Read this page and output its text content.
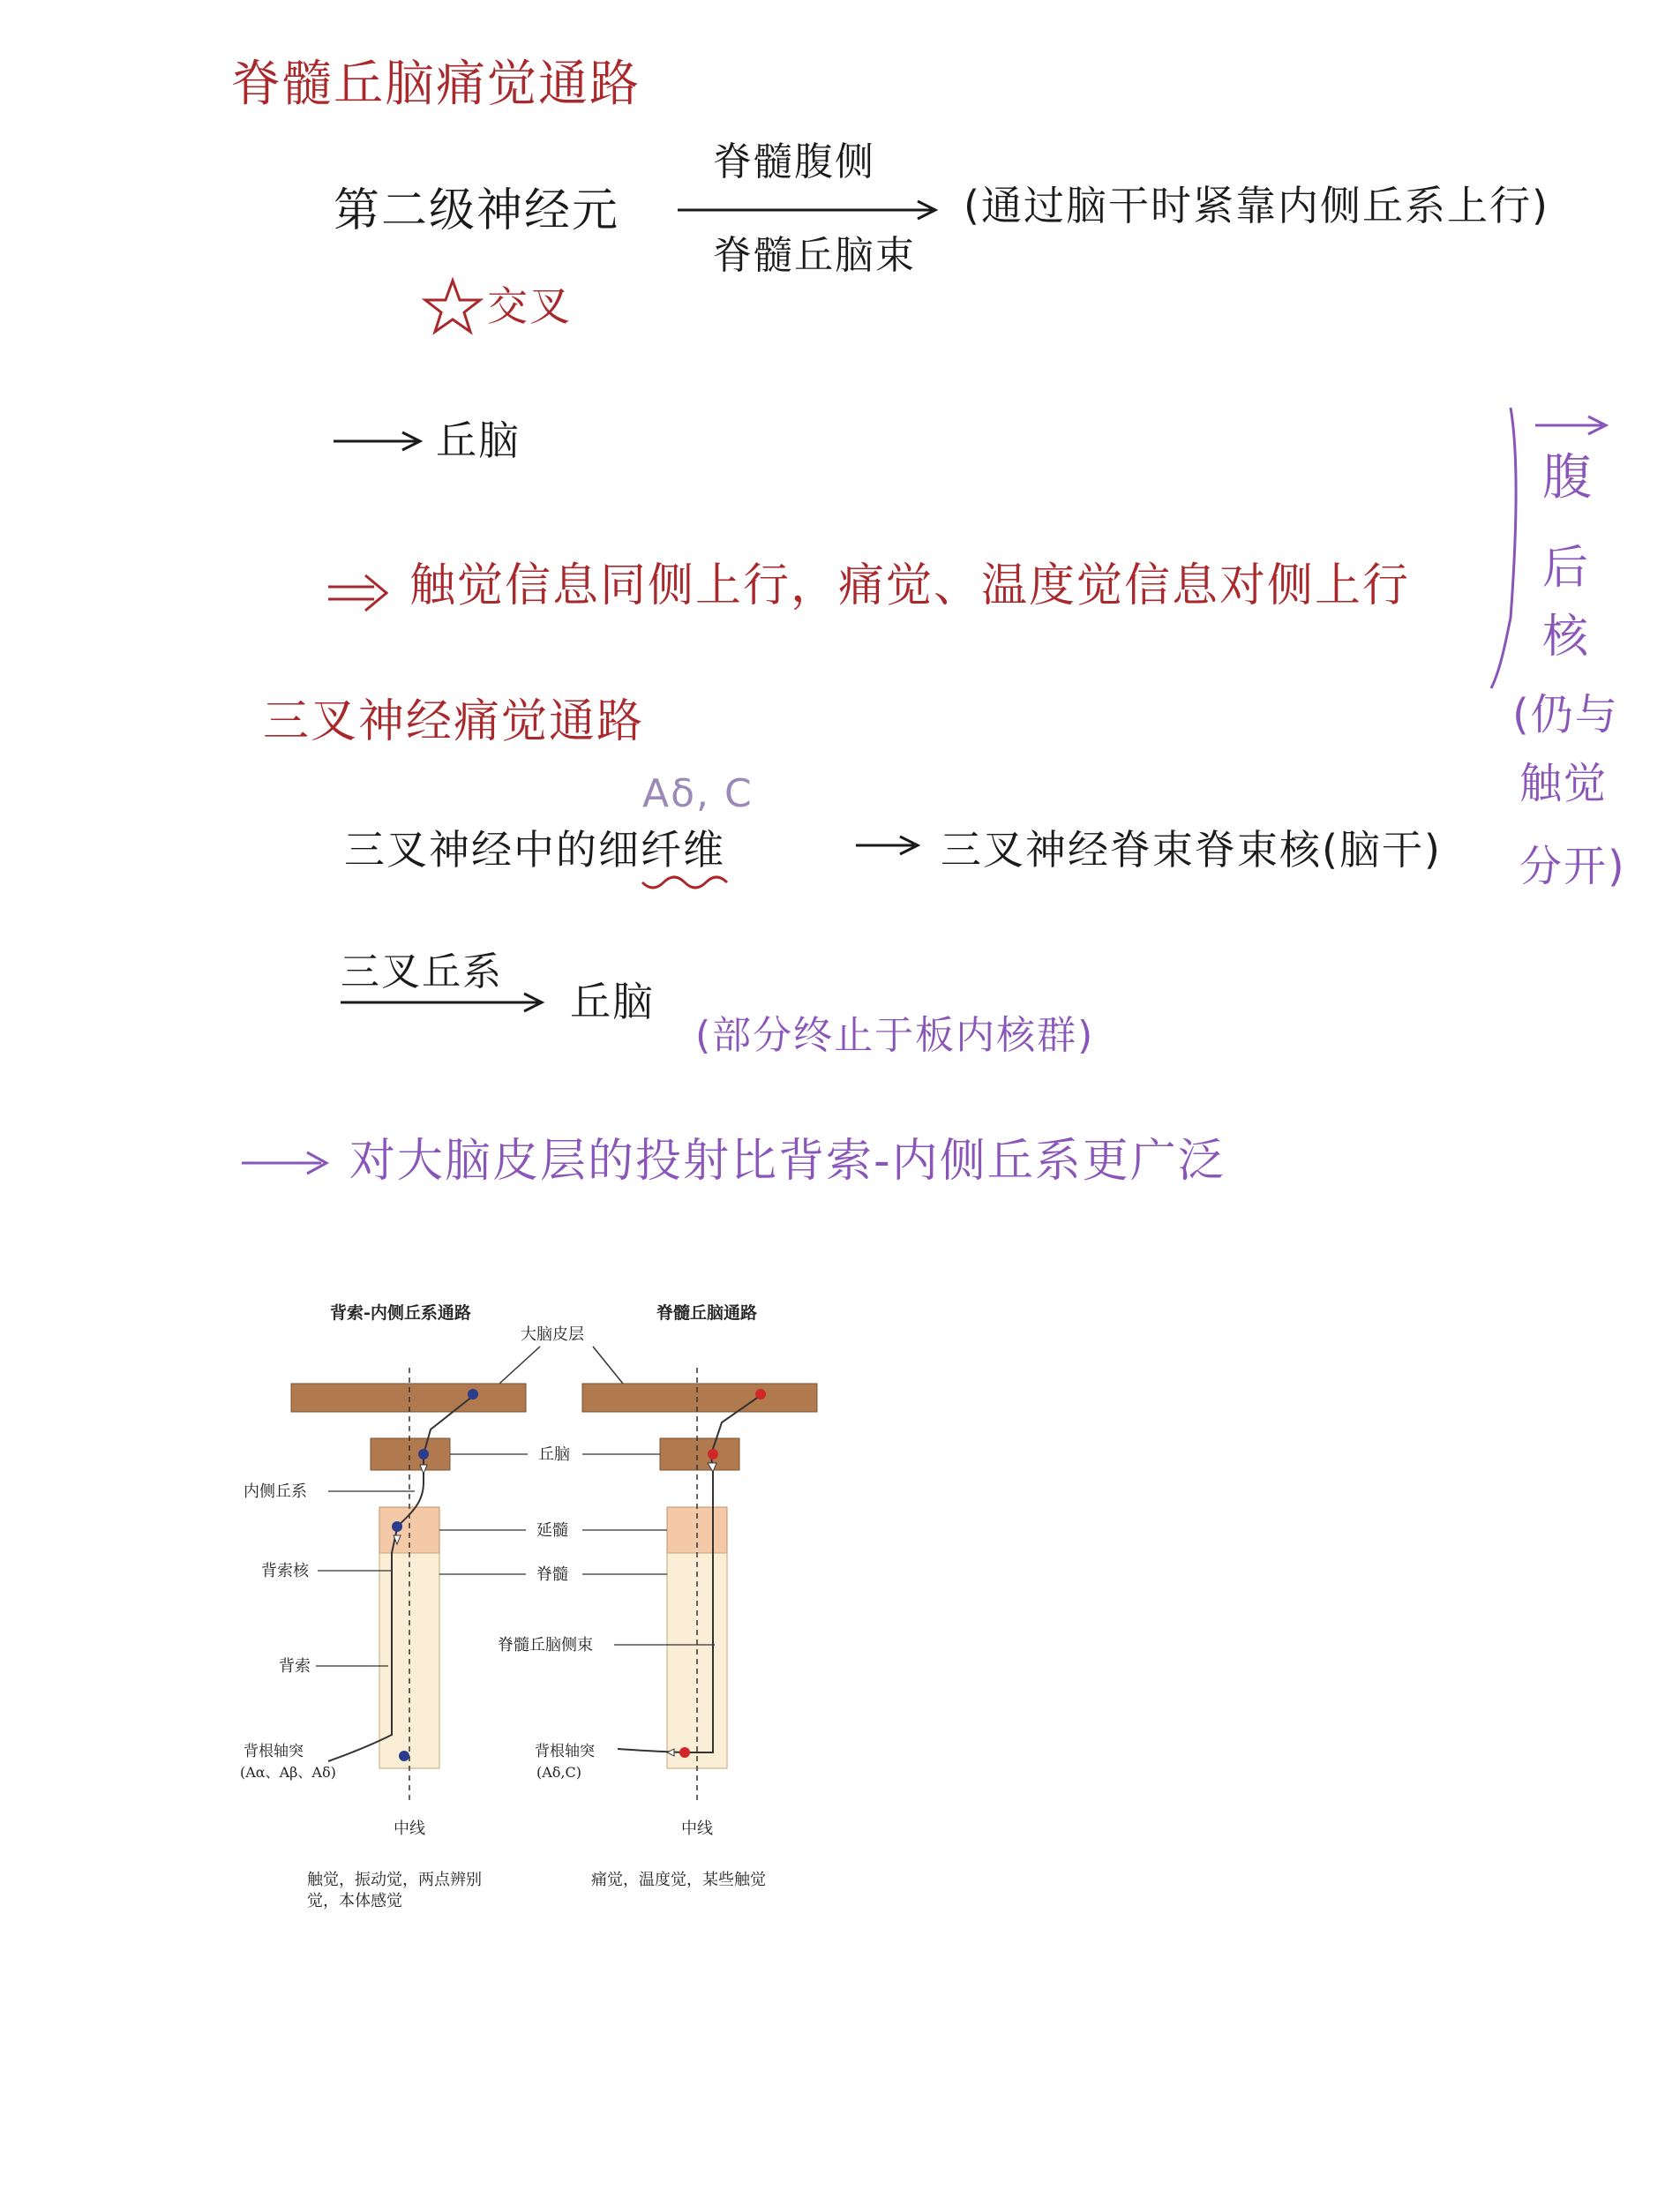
脊髓丘脑痛觉通路
第二级神经元
脊髓腹侧
脊髓丘脑束
(通过脑干时紧靠内侧丘系上行)
交叉
丘脑
触觉信息同侧上行，痛觉、温度觉信息对侧上行
腹
后
核
(仍与
触觉
分开)
三叉神经痛觉通路
Aδ, C
三叉神经中的细纤维	三叉神经脊束脊束核(脑干)
三叉丘系
丘脑
(部分终止于板内核群)
对大脑皮层的投射比背索-内侧丘系更广泛
背索-内侧丘系通路	脊髓丘脑通路
大脑皮层
丘脑
延髓
脊髓
内侧丘系
背索核
背索
背根轴突
(Aα、Aβ、Aδ)
脊髓丘脑侧束
背根轴突
(Aδ,C)
中线	中线
触觉，振动觉，两点辨别
觉，本体感觉
痛觉，温度觉，某些触觉
